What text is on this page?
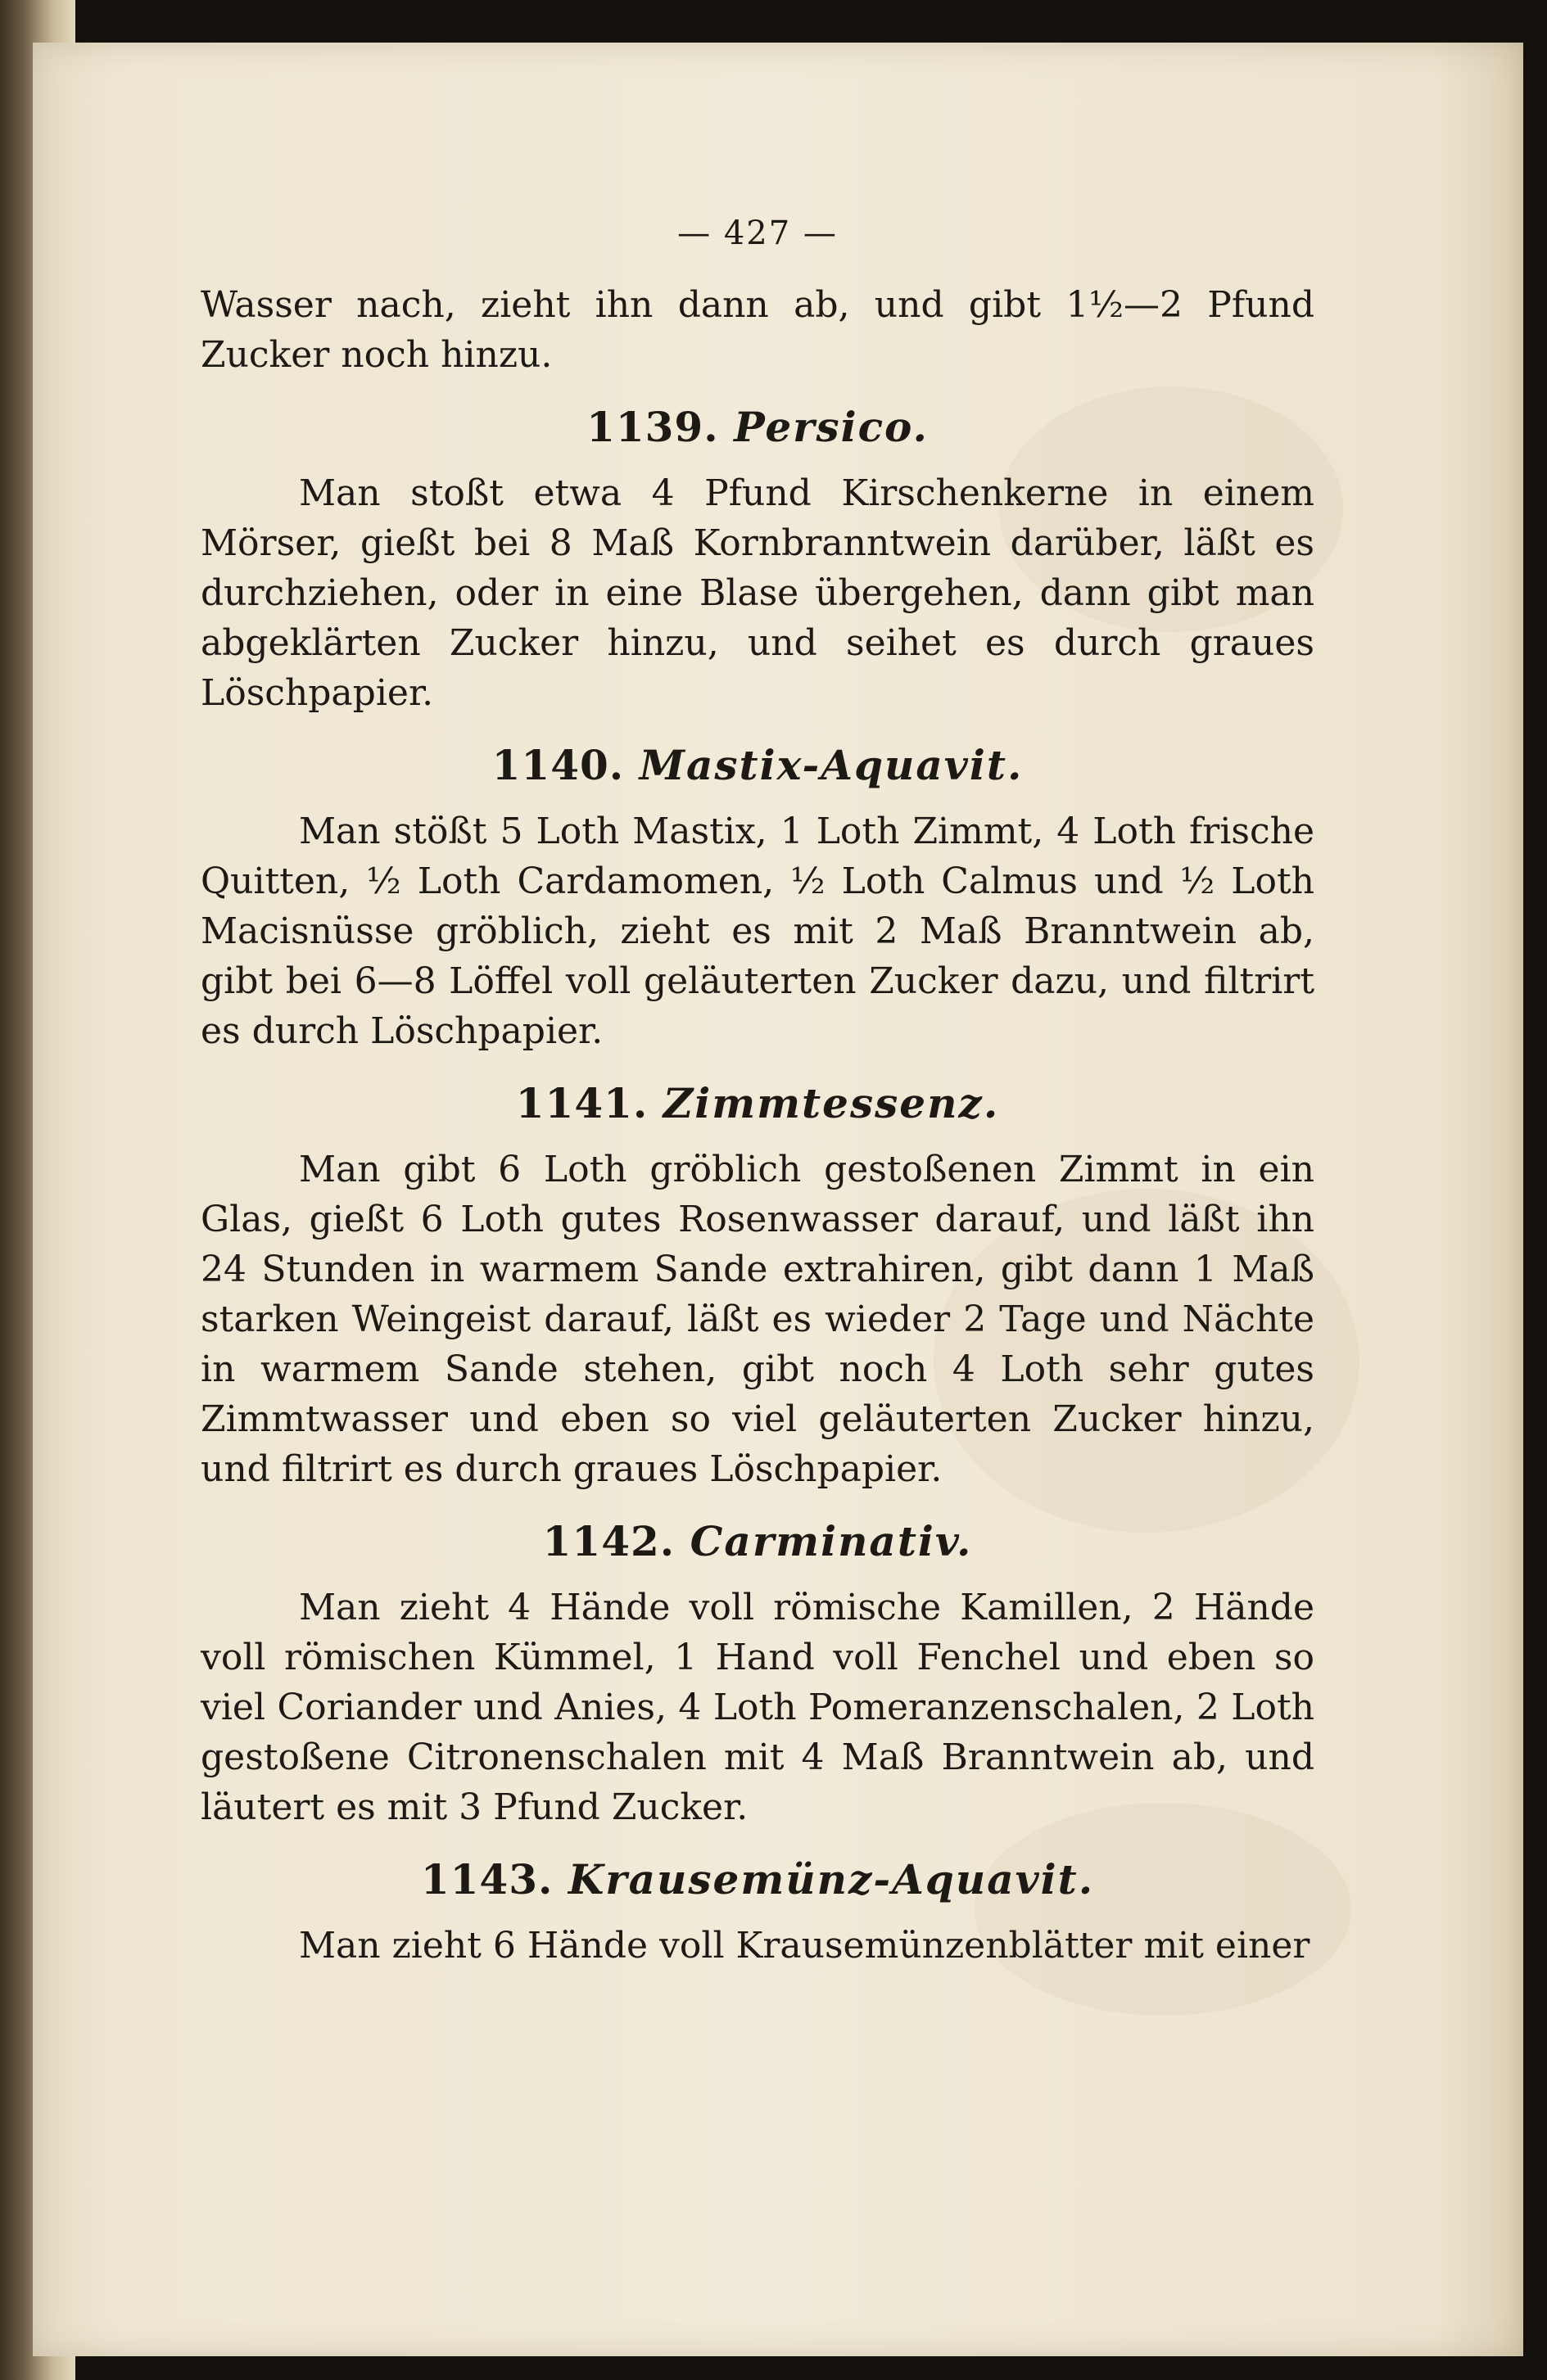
— 427 —

Wasser nach, zieht ihn dann ab, und gibt 1½—2 Pfund Zucker noch hinzu.

1139. Persico.

Man stoßt etwa 4 Pfund Kirschenkerne in einem Mörser, gießt bei 8 Maß Kornbranntwein darüber, läßt es durchziehen, oder in eine Blase übergehen, dann gibt man abgeklärten Zucker hinzu, und seihet es durch graues Löschpapier.

1140. Mastix-Aquavit.

Man stößt 5 Loth Mastix, 1 Loth Zimmt, 4 Loth frische Quitten, ½ Loth Cardamomen, ½ Loth Calmus und ½ Loth Macisnüsse gröblich, zieht es mit 2 Maß Branntwein ab, gibt bei 6—8 Löffel voll geläuterten Zucker dazu, und filtrirt es durch Löschpapier.

1141. Zimmtessenz.

Man gibt 6 Loth gröblich gestoßenen Zimmt in ein Glas, gießt 6 Loth gutes Rosenwasser darauf, und läßt ihn 24 Stunden in warmem Sande extrahiren, gibt dann 1 Maß starken Weingeist darauf, läßt es wieder 2 Tage und Nächte in warmem Sande stehen, gibt noch 4 Loth sehr gutes Zimmtwasser und eben so viel geläuterten Zucker hinzu, und filtrirt es durch graues Löschpapier.

1142. Carminativ.

Man zieht 4 Hände voll römische Kamillen, 2 Hände voll römischen Kümmel, 1 Hand voll Fenchel und eben so viel Coriander und Anies, 4 Loth Pomeranzenschalen, 2 Loth gestoßene Citronenschalen mit 4 Maß Branntwein ab, und läutert es mit 3 Pfund Zucker.

1143. Krausemünz-Aquavit.

Man zieht 6 Hände voll Krausemünzenblätter mit einer
